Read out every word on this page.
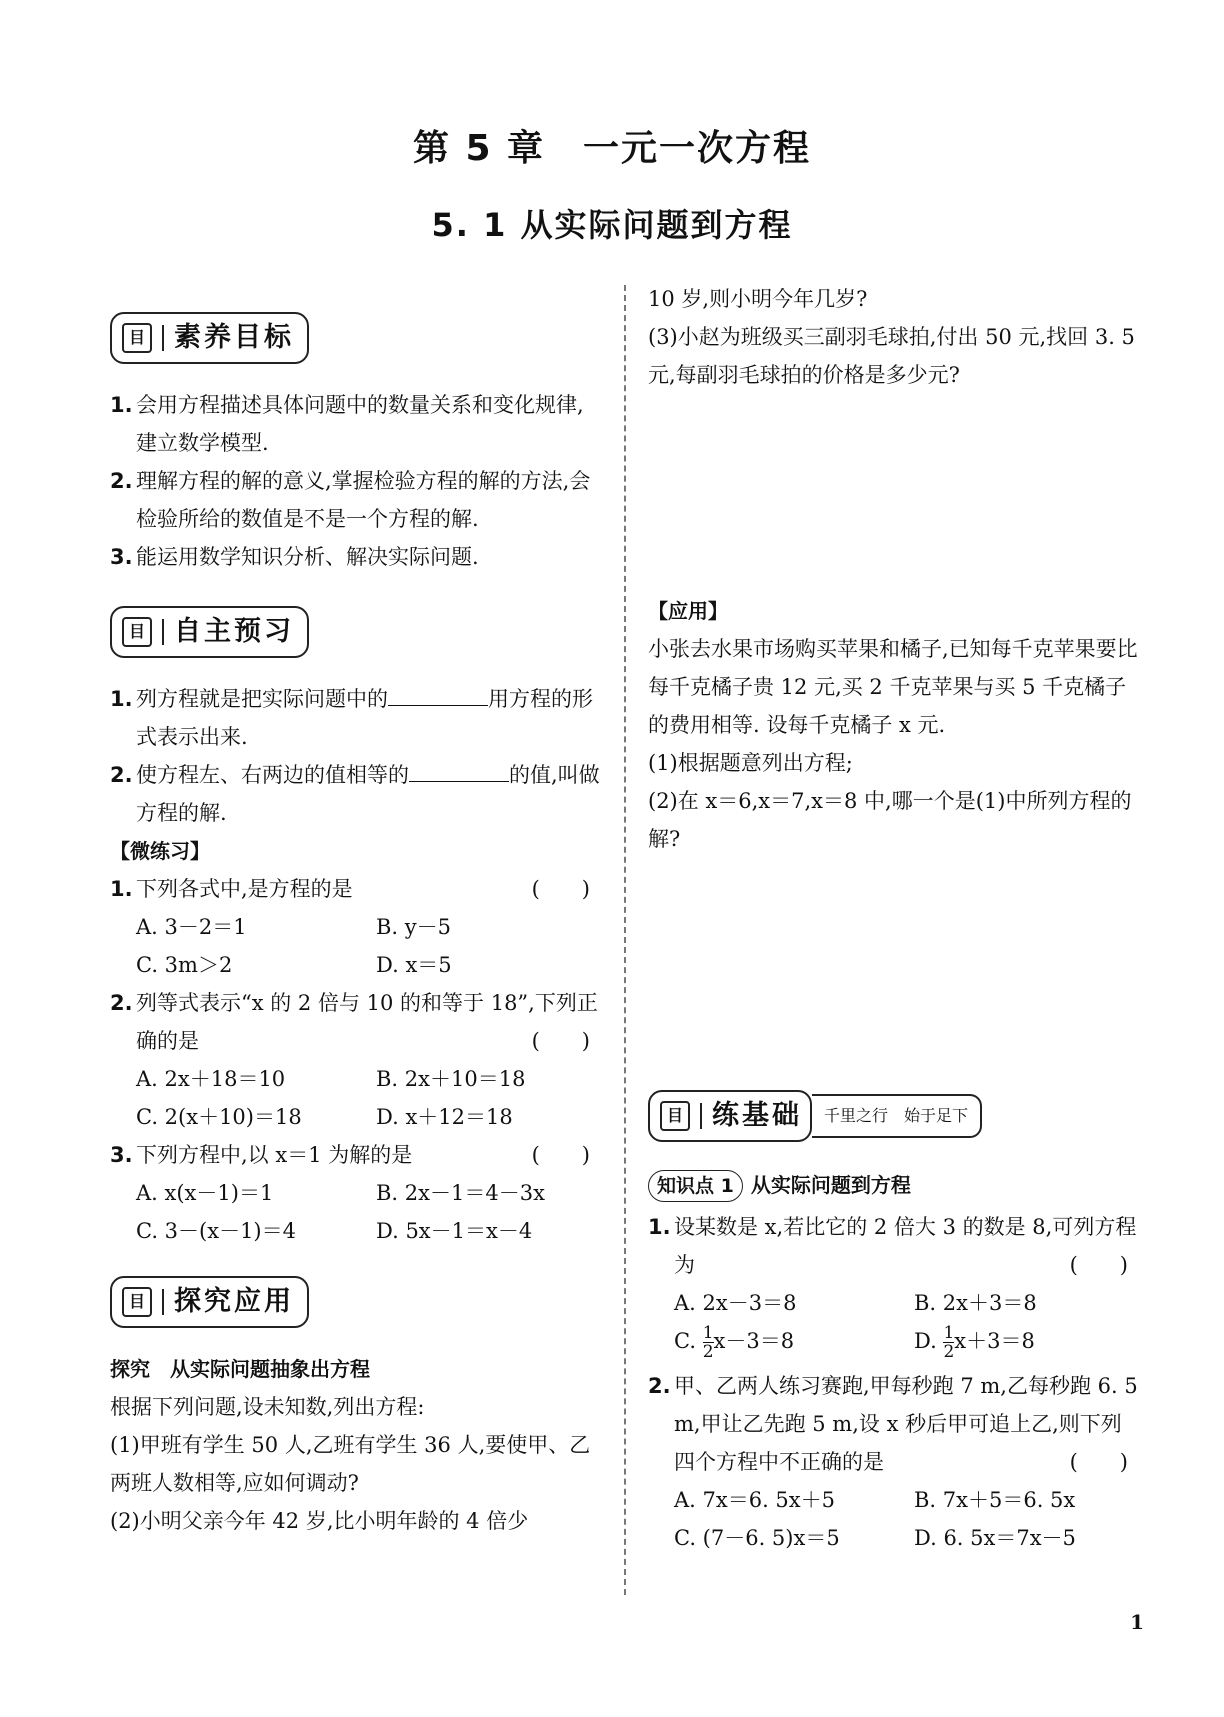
第 5 章　一元一次方程
5. 1 从实际问题到方程
目 素养目标
1. 会用方程描述具体问题中的数量关系和变化规律,建立数学模型.
2. 理解方程的解的意义,掌握检验方程的解的方法,会检验所给的数值是不是一个方程的解.
3. 能运用数学知识分析、解决实际问题.
目 自主预习
1. 列方程就是把实际问题中的	用方程的形式表示出来.
2. 使方程左、右两边的值相等的	的值,叫做方程的解.
【微练习】
1. 下列各式中,是方程的是	(　　)
A. 3－2＝1	B. y－5
C. 3m＞2	D. x＝5
2. 列等式表示“x 的 2 倍与 10 的和等于 18”,下列正确的是	(　　)
A. 2x＋18＝10	B. 2x＋10＝18
C. 2(x＋10)＝18	D. x＋12＝18
3. 下列方程中,以 x＝1 为解的是	(　　)
A. x(x－1)＝1	B. 2x－1＝4－3x
C. 3－(x－1)＝4	D. 5x－1＝x－4
目 探究应用
探究　从实际问题抽象出方程
根据下列问题,设未知数,列出方程:
(1)甲班有学生 50 人,乙班有学生 36 人,要使甲、乙两班人数相等,应如何调动?
(2)小明父亲今年 42 岁,比小明年龄的 4 倍少
10 岁,则小明今年几岁?
(3)小赵为班级买三副羽毛球拍,付出 50 元,找回 3. 5 元,每副羽毛球拍的价格是多少元?
【应用】
小张去水果市场购买苹果和橘子,已知每千克苹果要比每千克橘子贵 12 元,买 2 千克苹果与买 5 千克橘子的费用相等. 设每千克橘子 x 元.
(1)根据题意列出方程;
(2)在 x＝6,x＝7,x＝8 中,哪一个是(1)中所列方程的解?
目 练基础	千里之行　始于足下
知识点 1 从实际问题到方程
1. 设某数是 x,若比它的 2 倍大 3 的数是 8,可列方程为	(　　)
A. 2x－3＝8	B. 2x＋3＝8
C. $\frac{1}{2} x-3=8$	D. $\frac{1}{2} x+3=8$
2. 甲、乙两人练习赛跑,甲每秒跑 7 m,乙每秒跑 6. 5 m,甲让乙先跑 5 m,设 x 秒后甲可追上乙,则下列四个方程中不正确的是	(　　)
A. 7x＝6. 5x＋5	B. 7x＋5＝6. 5x
C. (7－6. 5)x＝5	D. 6. 5x＝7x－5
1
